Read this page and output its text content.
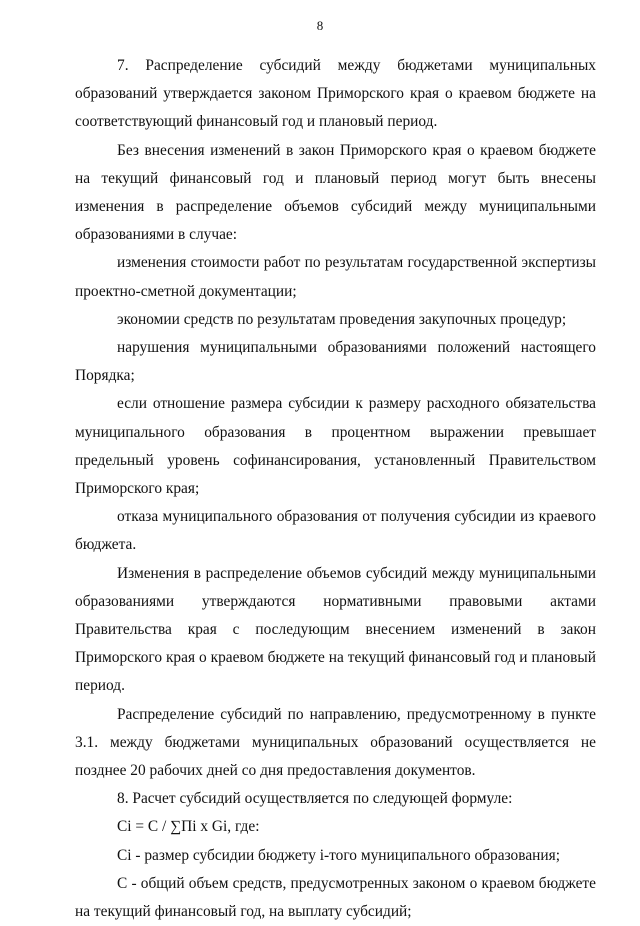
8

7. Распределение субсидий между бюджетами муниципальных образований утверждается законом Приморского края о краевом бюджете на соответствующий финансовый год и плановый период.

Без внесения изменений в закон Приморского края о краевом бюджете на текущий финансовый год и плановый период могут быть внесены изменения в распределение объемов субсидий между муниципальными образованиями в случае:

изменения стоимости работ по результатам государственной экспертизы проектно-сметной документации;

экономии средств по результатам проведения закупочных процедур;

нарушения муниципальными образованиями положений настоящего Порядка;

если отношение размера субсидии к размеру расходного обязательства муниципального образования в процентном выражении превышает предельный уровень софинансирования, установленный Правительством Приморского края;

отказа муниципального образования от получения субсидии из краевого бюджета.

Изменения в распределение объемов субсидий между муниципальными образованиями утверждаются нормативными правовыми актами Правительства края с последующим внесением изменений в закон Приморского края о краевом бюджете на текущий финансовый год и плановый период.

Распределение субсидий по направлению, предусмотренному в пункте 3.1. между бюджетами муниципальных образований осуществляется не позднее 20 рабочих дней со дня предоставления документов.

8. Расчет субсидий осуществляется по следующей формуле:

Ci = C / ∑Пi x Gi, где:

Ci - размер субсидии бюджету i-того муниципального образования;

С - общий объем средств, предусмотренных законом о краевом бюджете на текущий финансовый год, на выплату субсидий;
